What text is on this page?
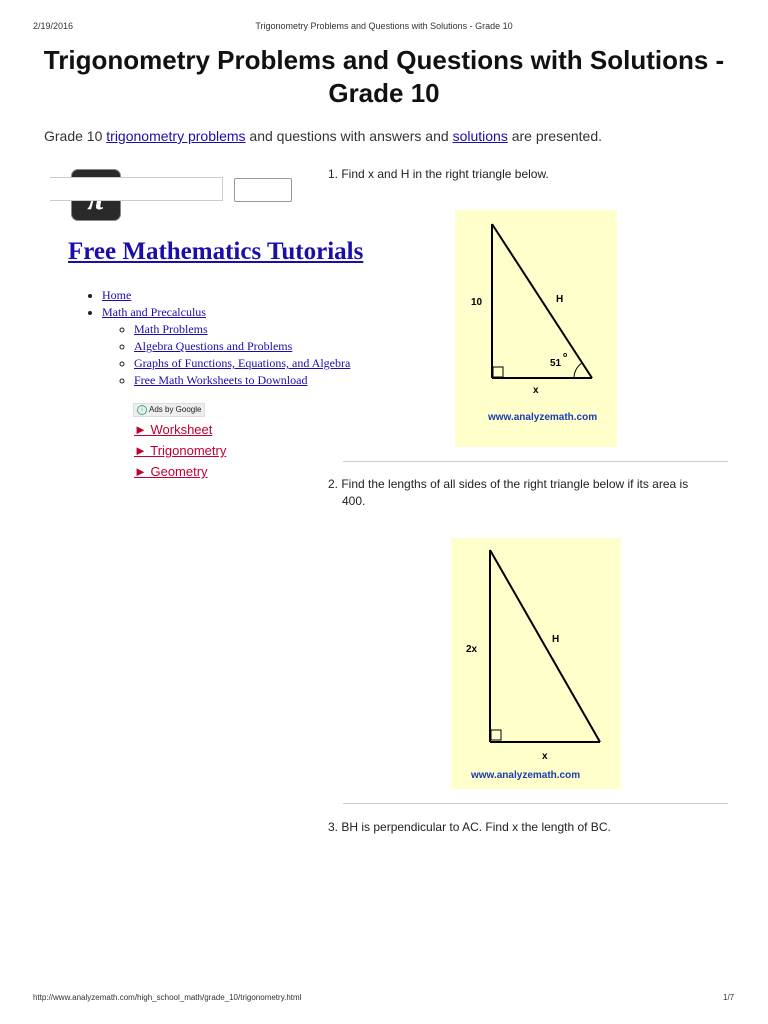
2/19/2016	Trigonometry Problems and Questions with Solutions - Grade 10
Trigonometry Problems and Questions with Solutions - Grade 10
Grade 10 trigonometry problems and questions with answers and solutions are presented.
Free Mathematics Tutorials
• Home
• Math and Precalculus
◦ Math Problems
◦ Algebra Questions and Problems
◦ Graphs of Functions, Equations, and Algebra
◦ Free Math Worksheets to Download
i Ads by Google
► Worksheet
► Trigonometry
► Geometry
1. Find x and H in the right triangle below.
10	H
51
o
x
www.analyzemath.com
2. Find the lengths of all sides of the right triangle below if its area is
400.
2x
H
x
www.analyzemath.com
3. BH is perpendicular to AC. Find x the length of BC.
http://www.analyzemath.com/high_school_math/grade_10/trigonometry.html	1/7
